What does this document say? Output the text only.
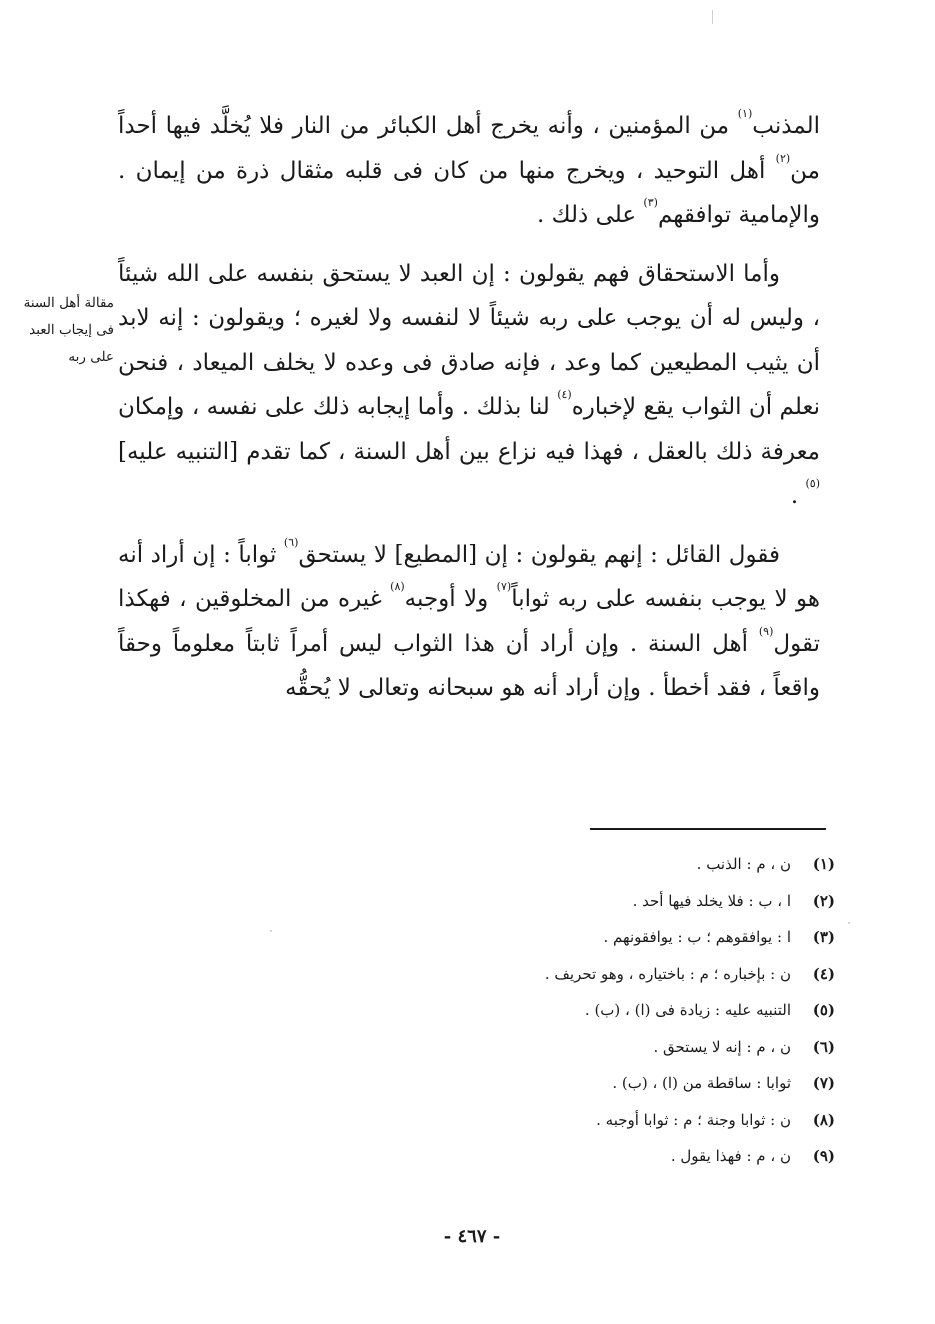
المذنب$^{(١)}$ من المؤمنين ، وأنه يخرج أهل الكبائر من النار فلا يُخلَّد فيها أحداً من$^{(٢)}$ أهل التوحيد ، ويخرج منها من كان فى قلبه مثقال ذرة من إيمان . والإمامية توافقهم$^{(٣)}$ على ذلك .

وأما الاستحقاق فهم يقولون : إن العبد لا يستحق بنفسه على الله شيئاً ، وليس له أن يوجب على ربه شيئاً لا لنفسه ولا لغيره ؛ ويقولون : إنه لابد أن يثيب المطيعين كما وعد ، فإنه صادق فى وعده لا يخلف الميعاد ، فنحن نعلم أن الثواب يقع لإخباره$^{(٤)}$ لنا بذلك . وأما إيجابه ذلك على نفسه ، وإمكان معرفة ذلك بالعقل ، فهذا فيه نزاع بين أهل السنة ، كما تقدم [التنبيه عليه]$^{(٥)}$ .

فقول القائل : إنهم يقولون : إن [المطيع] لا يستحق$^{(٦)}$ ثواباً : إن أراد أنه هو لا يوجب بنفسه على ربه ثواباً$^{(٧)}$ ولا أوجبه$^{(٨)}$ غيره من المخلوقين ، فهكذا تقول$^{(٩)}$ أهل السنة . وإن أراد أن هذا الثواب ليس أمراً ثابتاً معلوماً وحقاً واقعاً ، فقد أخطأ . وإن أراد أنه هو سبحانه وتعالى لا يُحقُّه

مقالة أهل السنة
فى إيجاب العبد
على ربه
(١)
ن ، م : الذنب .
(٢)
ا ، ب : فلا يخلد فيها أحد .
(٣)
ا : يوافقوهم ؛ ب : يوافقونهم .
(٤)
ن : بإخباره ؛ م : باختياره ، وهو تحريف .
(٥)
التنبيه عليه : زيادة فى (ا) ، (ب) .
(٦)
ن ، م : إنه لا يستحق .
(٧)
ثوابا : ساقطة من (ا) ، (ب) .
(٨)
ن : ثوابا وجنة ؛ م : ثوابا أوجبه .
(٩)
ن ، م : فهذا يقول .
- ٤٦٧ -
